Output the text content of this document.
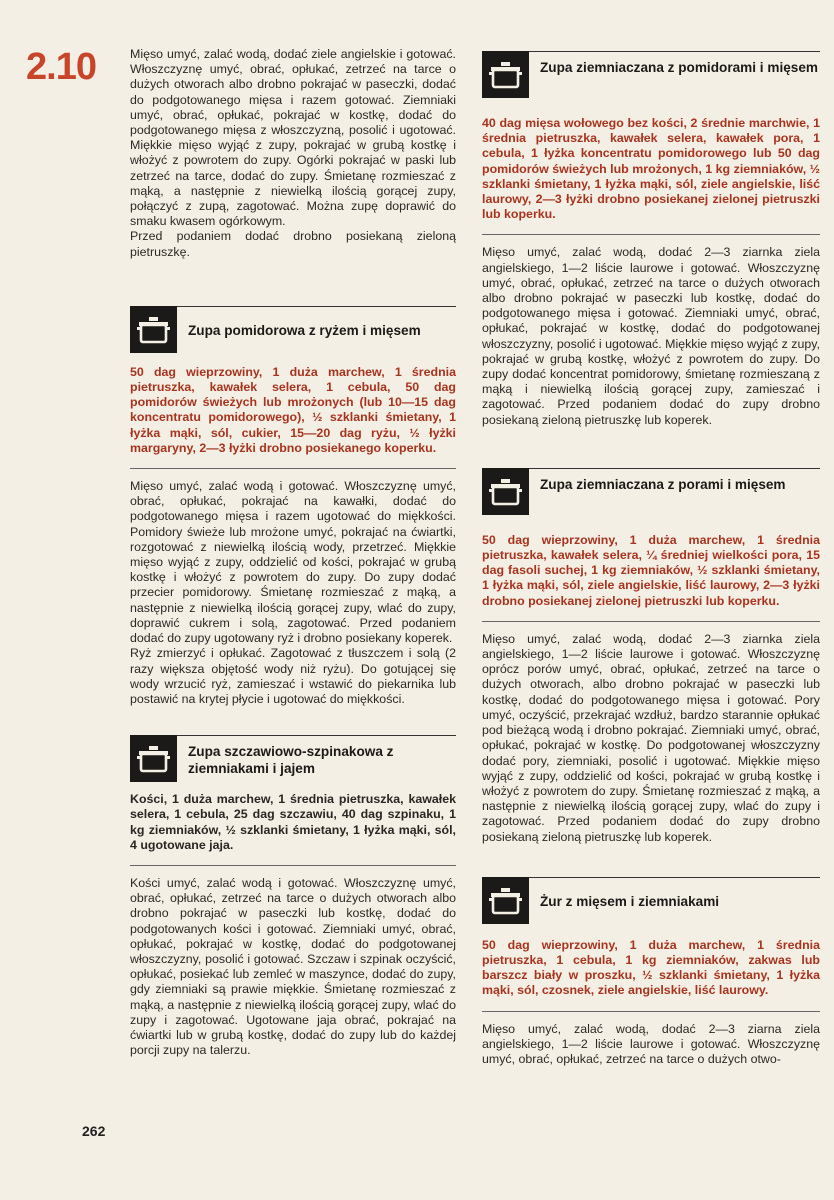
2.10	Mięso umyć, zalać wodą, dodać ziele angielskie i gotować. Włoszczyznę umyć, obrać, opłukać, zetrzeć na tarce o dużych otworach albo drobno pokrajać w paseczki, dodać do podgotowanego mięsa i razem gotować. Ziemniaki umyć, obrać, opłukać, pokrajać w kostkę, dodać do podgotowanego mięsa z włoszczyzną, posolić i ugotować. Miękkie mięso wyjąć z zupy, pokrajać w grubą kostkę i włożyć z powrotem do zupy. Ogórki pokrajać w paski lub zetrzeć na tarce, dodać do zupy. Śmietanę rozmieszać z mąką, a następnie z niewielką ilością gorącej zupy, połączyć z zupą, zagotować. Można zupę doprawić do smaku kwasem ogórkowym.

Przed podaniem dodać drobno posiekaną zieloną pietruszkę.

Zupa pomidorowa z ryżem i mięsem
50 dag wieprzowiny, 1 duża marchew, 1 średnia pietruszka, kawałek selera, 1 cebula, 50 dag pomidorów świeżych lub mrożonych (lub 10—15 dag koncentratu pomidorowego), ½ szklanki śmietany, 1 łyżka mąki, sól, cukier, 15—20 dag ryżu, ½ łyżki margaryny, 2—3 łyżki drobno posiekanego koperku.

Mięso umyć, zalać wodą i gotować. Włoszczyznę umyć, obrać, opłukać, pokrajać na kawałki, dodać do podgotowanego mięsa i razem ugotować do miękkości. Pomidory świeże lub mrożone umyć, pokrajać na ćwiartki, rozgotować z niewielką ilością wody, przetrzeć. Miękkie mięso wyjąć z zupy, oddzielić od kości, pokrajać w grubą kostkę i włożyć z powrotem do zupy. Do zupy dodać przecier pomidorowy. Śmietanę rozmieszać z mąką, a następnie z niewielką ilością gorącej zupy, wlać do zupy, doprawić cukrem i solą, zagotować. Przed podaniem dodać do zupy ugotowany ryż i drobno posiekany koperek.

Ryż zmierzyć i opłukać. Zagotować z tłuszczem i solą (2 razy większa objętość wody niż ryżu). Do gotującej się wody wrzucić ryż, zamieszać i wstawić do piekarnika lub postawić na krytej płycie i ugotować do miękkości.

Zupa szczawiowo-szpinakowa z ziemniakami i jajem
Kości, 1 duża marchew, 1 średnia pietruszka, kawałek selera, 1 cebula, 25 dag szczawiu, 40 dag szpinaku, 1 kg ziemniaków, ½ szklanki śmietany, 1 łyżka mąki, sól, 4 ugotowane jaja.

Kości umyć, zalać wodą i gotować. Włoszczyznę umyć, obrać, opłukać, zetrzeć na tarce o dużych otworach albo drobno pokrajać w paseczki lub kostkę, dodać do podgotowanych kości i gotować. Ziemniaki umyć, obrać, opłukać, pokrajać w kostkę, dodać do podgotowanej włoszczyzny, posolić i gotować. Szczaw i szpinak oczyścić, opłukać, posiekać lub zemleć w maszynce, dodać do zupy, gdy ziemniaki są prawie miękkie. Śmietanę rozmieszać z mąką, a następnie z niewielką ilością gorącej zupy, wlać do zupy i zagotować. Ugotowane jaja obrać, pokrajać na ćwiartki lub w grubą kostkę, dodać do zupy lub do każdej porcji zupy na talerzu.

Zupa ziemniaczana z pomidorami i mięsem
40 dag mięsa wołowego bez kości, 2 średnie marchwie, 1 średnia pietruszka, kawałek selera, kawałek pora, 1 cebula, 1 łyżka koncentratu pomidorowego lub 50 dag pomidorów świeżych lub mrożonych, 1 kg ziemniaków, ½ szklanki śmietany, 1 łyżka mąki, sól, ziele angielskie, liść laurowy, 2—3 łyżki drobno posiekanej zielonej pietruszki lub koperku.

Mięso umyć, zalać wodą, dodać 2—3 ziarnka ziela angielskiego, 1—2 liście laurowe i gotować. Włoszczyznę umyć, obrać, opłukać, zetrzeć na tarce o dużych otworach albo drobno pokrajać w paseczki lub kostkę, dodać do podgotowanego mięsa i gotować. Ziemniaki umyć, obrać, opłukać, pokrajać w kostkę, dodać do podgotowanej włoszczyzny, posolić i ugotować. Miękkie mięso wyjąć z zupy, pokrajać w grubą kostkę, włożyć z powrotem do zupy. Do zupy dodać koncentrat pomidorowy, śmietanę rozmieszaną z mąką i niewielką ilością gorącej zupy, zamieszać i zagotować. Przed podaniem dodać do zupy drobno posiekaną zieloną pietruszkę lub koperek.

Zupa ziemniaczana z porami i mięsem
50 dag wieprzowiny, 1 duża marchew, 1 średnia pietruszka, kawałek selera, ¼ średniej wielkości pora, 15 dag fasoli suchej, 1 kg ziemniaków, ½ szklanki śmietany, 1 łyżka mąki, sól, ziele angielskie, liść laurowy, 2—3 łyżki drobno posiekanej zielonej pietruszki lub koperku.

Mięso umyć, zalać wodą, dodać 2—3 ziarnka ziela angielskiego, 1—2 liście laurowe i gotować. Włoszczyznę oprócz porów umyć, obrać, opłukać, zetrzeć na tarce o dużych otworach, albo drobno pokrajać w paseczki lub kostkę, dodać do podgotowanego mięsa i gotować. Pory umyć, oczyścić, przekrajać wzdłuż, bardzo starannie opłukać pod bieżącą wodą i drobno pokrajać. Ziemniaki umyć, obrać, opłukać, pokrajać w kostkę. Do podgotowanej włoszczyzny dodać pory, ziemniaki, posolić i ugotować. Miękkie mięso wyjąć z zupy, oddzielić od kości, pokrajać w grubą kostkę i włożyć z powrotem do zupy. Śmietanę rozmieszać z mąką, a następnie z niewielką ilością gorącej zupy, wlać do zupy i zagotować. Przed podaniem dodać do zupy drobno posiekaną zieloną pietruszkę lub koperek.

Żur z mięsem i ziemniakami
50 dag wieprzowiny, 1 duża marchew, 1 średnia pietruszka, 1 cebula, 1 kg ziemniaków, zakwas lub barszcz biały w proszku, ½ szklanki śmietany, 1 łyżka mąki, sól, czosnek, ziele angielskie, liść laurowy.

Mięso umyć, zalać wodą, dodać 2—3 ziarna ziela angielskiego, 1—2 liście laurowe i gotować. Włoszczyznę umyć, obrać, opłukać, zetrzeć na tarce o dużych otwo-

262
